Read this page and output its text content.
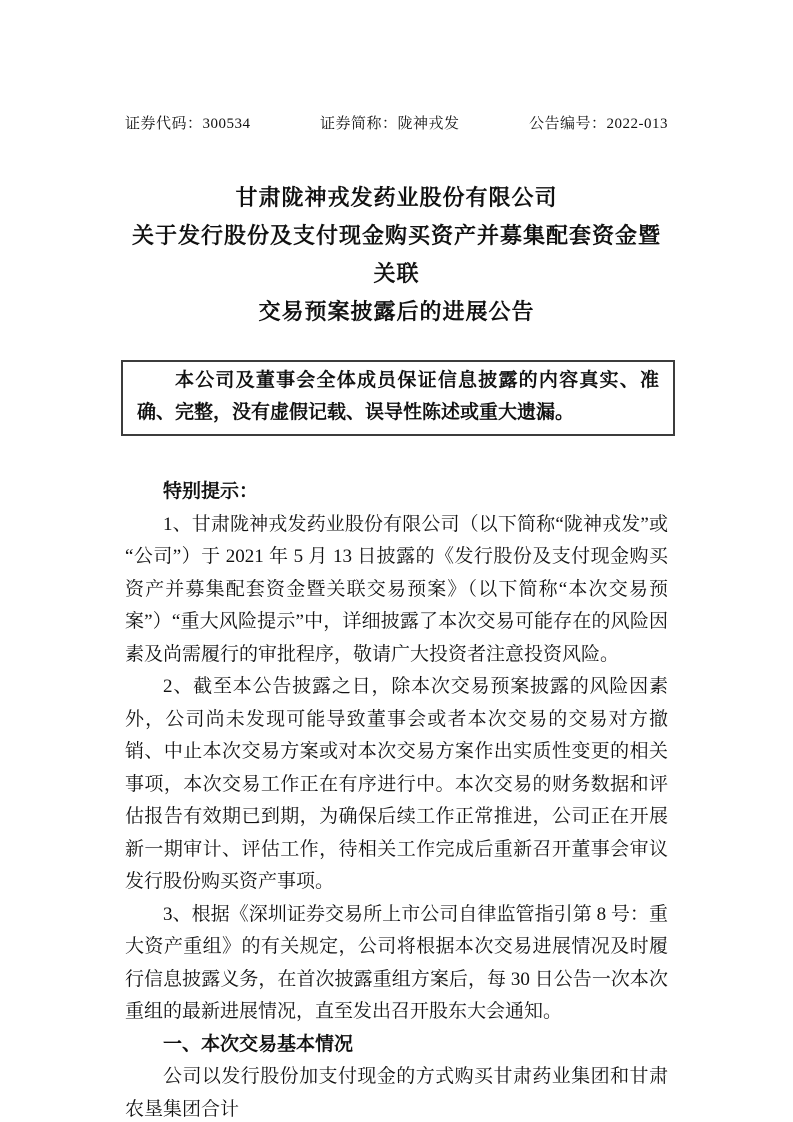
证券代码：300534	证券简称：陇神戎发	公告编号：2022-013
甘肃陇神戎发药业股份有限公司
关于发行股份及支付现金购买资产并募集配套资金暨关联
交易预案披露后的进展公告

本公司及董事会全体成员保证信息披露的内容真实、准确、完整，没有虚假记载、误导性陈述或重大遗漏。

特别提示：

1、甘肃陇神戎发药业股份有限公司（以下简称“陇神戎发”或“公司”）于 2021 年 5 月 13 日披露的《发行股份及支付现金购买资产并募集配套资金暨关联交易预案》（以下简称“本次交易预案”）“重大风险提示”中，详细披露了本次交易可能存在的风险因素及尚需履行的审批程序，敬请广大投资者注意投资风险。

2、截至本公告披露之日，除本次交易预案披露的风险因素外，公司尚未发现可能导致董事会或者本次交易的交易对方撤销、中止本次交易方案或对本次交易方案作出实质性变更的相关事项，本次交易工作正在有序进行中。本次交易的财务数据和评估报告有效期已到期，为确保后续工作正常推进，公司正在开展新一期审计、评估工作，待相关工作完成后重新召开董事会审议发行股份购买资产事项。

3、根据《深圳证券交易所上市公司自律监管指引第 8 号：重大资产重组》的有关规定，公司将根据本次交易进展情况及时履行信息披露义务，在首次披露重组方案后，每 30 日公告一次本次重组的最新进展情况，直至发出召开股东大会通知。

一、本次交易基本情况

公司以发行股份加支付现金的方式购买甘肃药业集团和甘肃农垦集团合计
